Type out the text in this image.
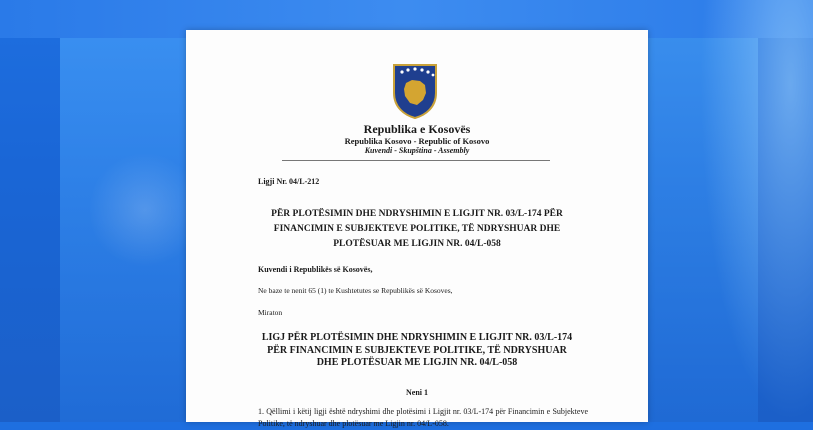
Republika e Kosovës
Republika Kosovo - Republic of Kosovo
Kuvendi - Skupština - Assembly
Ligji Nr. 04/L-212
PËR PLOTËSIMIN DHE NDRYSHIMIN E LIGJIT NR. 03/L-174 PËR
FINANCIMIN E SUBJEKTEVE POLITIKE, TË NDRYSHUAR DHE
PLOTËSUAR ME LIGJIN NR. 04/L-058
Kuvendi i Republikës së Kosovës,
Ne baze te nenit 65 (1) te Kushtetutes se Republikës së Kosoves,
Miraton
LIGJ PËR PLOTËSIMIN DHE NDRYSHIMIN E LIGJIT NR. 03/L-174
PËR FINANCIMIN E SUBJEKTEVE POLITIKE, TË NDRYSHUAR
DHE PLOTËSUAR ME LIGJIN NR. 04/L-058
Neni 1
1. Qëllimi i këtij ligji është ndryshimi dhe plotësimi i Ligjit nr. 03/L-174 për Financimin e Subjekteve Politike, të ndryshuar dhe plotësuar me Ligjin nr. 04/L-058.
